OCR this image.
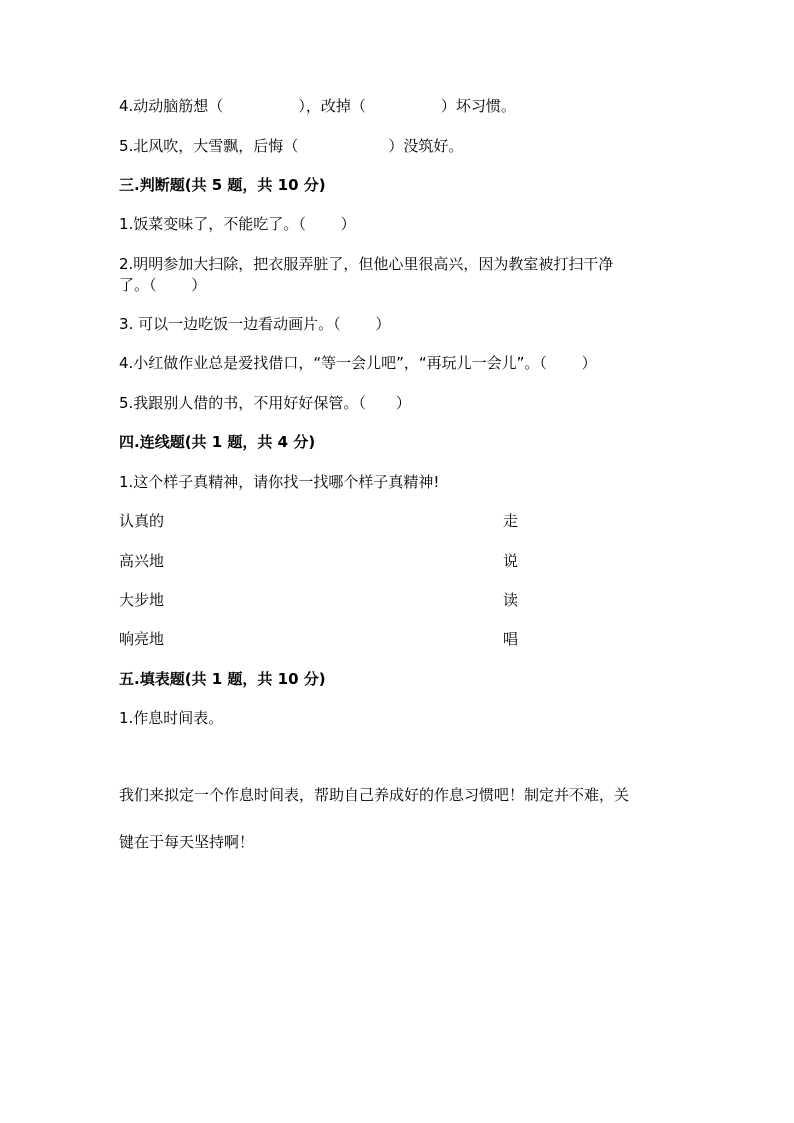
4.动动脑筋想（　　　　　），改掉（　　　　　）坏习惯。
5.北风吹，大雪飘，后悔（　　　　　　）没筑好。
三.判断题(共 5 题，共 10 分)
1.饭菜变味了，不能吃了。（　　 ）
2.明明参加大扫除，把衣服弄脏了，但他心里很高兴，因为教室被打扫干净
了。（　　 ）
3. 可以一边吃饭一边看动画片。（　　 ）
4.小红做作业总是爱找借口，“等一会儿吧”，“再玩儿一会儿”。（　　 ）
5.我跟别人借的书，不用好好保管。（　　）
四.连线题(共 1 题，共 4 分)
1.这个样子真精神，请你找一找哪个样子真精神!
认真的	走
高兴地	说
大步地	读
响亮地	唱
五.填表题(共 1 题，共 10 分)
1.作息时间表。
我们来拟定一个作息时间表，帮助自己养成好的作息习惯吧！制定并不难，关
键在于每天坚持啊！
